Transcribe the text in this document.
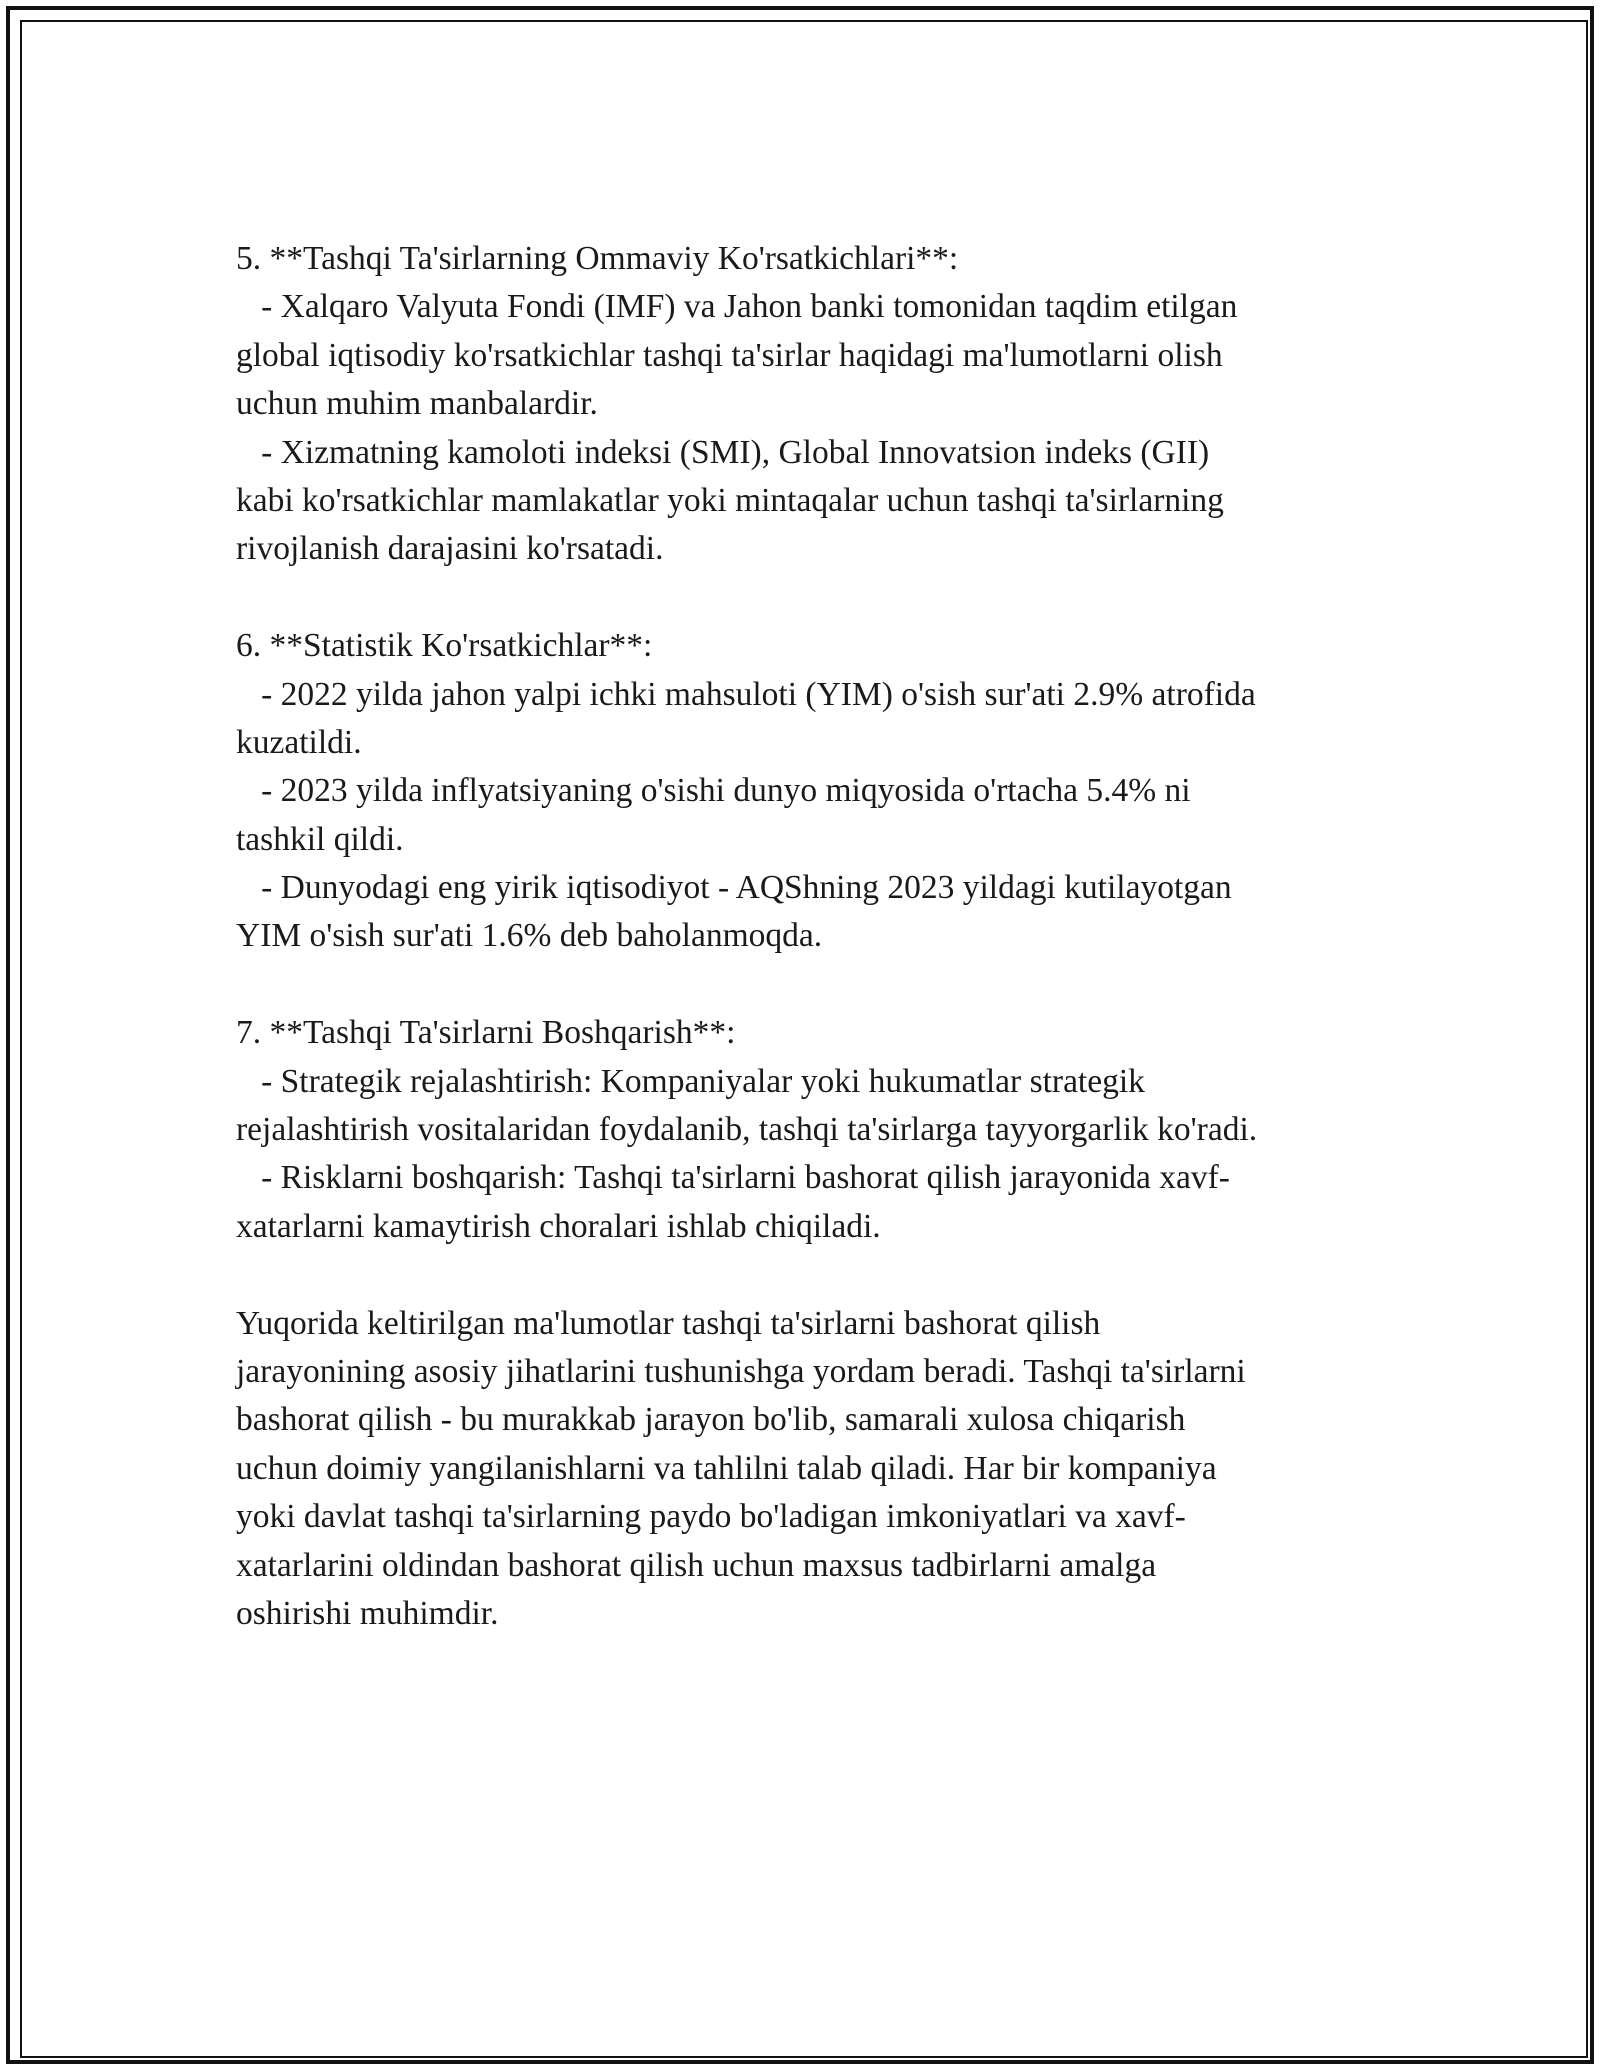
5. **Tashqi Ta'sirlarning Ommaviy Ko'rsatkichlari**:

- Xalqaro Valyuta Fondi (IMF) va Jahon banki tomonidan taqdim etilgan

global iqtisodiy ko'rsatkichlar tashqi ta'sirlar haqidagi ma'lumotlarni olish

uchun muhim manbalardir.

- Xizmatning kamoloti indeksi (SMI), Global Innovatsion indeks (GII)

kabi ko'rsatkichlar mamlakatlar yoki mintaqalar uchun tashqi ta'sirlarning

rivojlanish darajasini ko'rsatadi.

6. **Statistik Ko'rsatkichlar**:

- 2022 yilda jahon yalpi ichki mahsuloti (YIM) o'sish sur'ati 2.9% atrofida

kuzatildi.

- 2023 yilda inflyatsiyaning o'sishi dunyo miqyosida o'rtacha 5.4% ni

tashkil qildi.

- Dunyodagi eng yirik iqtisodiyot - AQShning 2023 yildagi kutilayotgan

YIM o'sish sur'ati 1.6% deb baholanmoqda.

7. **Tashqi Ta'sirlarni Boshqarish**:

- Strategik rejalashtirish: Kompaniyalar yoki hukumatlar strategik

rejalashtirish vositalaridan foydalanib, tashqi ta'sirlarga tayyorgarlik ko'radi.

- Risklarni boshqarish: Tashqi ta'sirlarni bashorat qilish jarayonida xavf-

xatarlarni kamaytirish choralari ishlab chiqiladi.

Yuqorida keltirilgan ma'lumotlar tashqi ta'sirlarni bashorat qilish

jarayonining asosiy jihatlarini tushunishga yordam beradi. Tashqi ta'sirlarni

bashorat qilish - bu murakkab jarayon bo'lib, samarali xulosa chiqarish

uchun doimiy yangilanishlarni va tahlilni talab qiladi. Har bir kompaniya

yoki davlat tashqi ta'sirlarning paydo bo'ladigan imkoniyatlari va xavf-

xatarlarini oldindan bashorat qilish uchun maxsus tadbirlarni amalga

oshirishi muhimdir.
